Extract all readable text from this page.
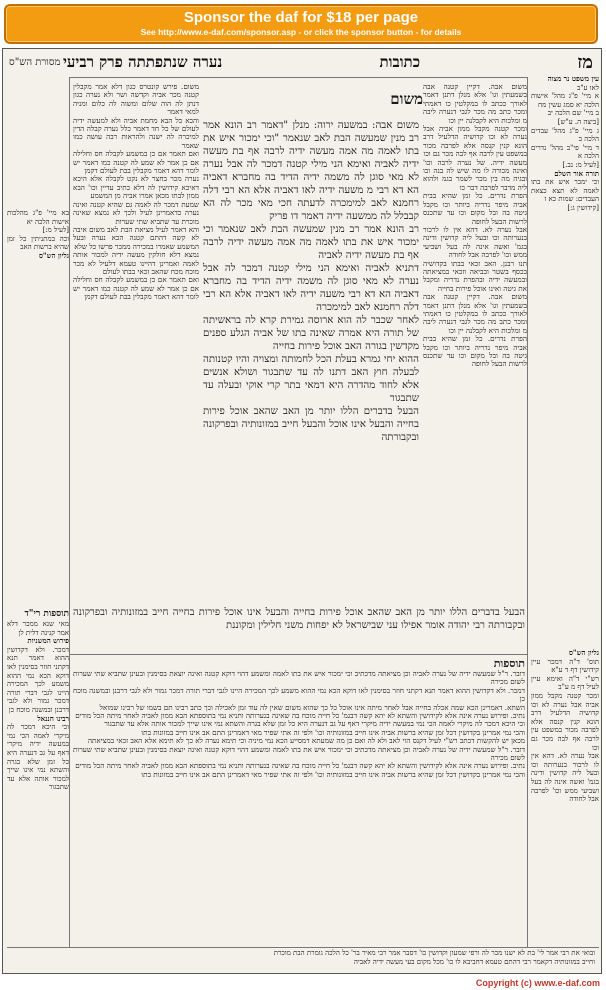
Sponsor the daf for $18 per page
See http://www.e-daf.com/sponsor.asp - or click the sponsor button - for details
מסורת הש"ס	מז
כתובות
נערה שנתפתתה פרק רביעי

משום אבה: במשעה ירוה: מנלן "דאמר רב הונא אמר רב מנין שמעשה הבת לאב שנאמר "וכי ימכור איש את בתו לאמה מה אמה מעשה ידיה לרבה אף בת מעשה ידיה לאביה ואימא הני מילי קטנה דמכר לה אבל נערה לא מאי סוגן לה משמה ידיה הדיד בה מחברא דאביה הא דא רבי מ משעה ידיה לאו דאביה אלא הא רבי דלה רחמנא לאב למימכרה לדעתה חכי מאי מכר לה הא קבבלל לה ממשעה ידיה דאמר דו פריק

רב הונא אמר רב מנין שמעשה הבת לאב שנאמר וכי ימכור איש את בתו לאמה מה אמה מעשה ידיה לרבה אף בת מעשה ידיה לאביה

דתניא לאביה ואימא הני מילי קטנה דמכר לה אבל נערה לא מאי סוגן לה משמה ידיה הדיד בה מחברא דאביה הא דא רבי משעה ידיה לאו דאביה אלא הא רבי דלה רחמנא לאב למימכרה

לאחר שכבר לה הוא ארוסה גמירת קרא לה בראשיתה של תורה היא אמרה שאינה בתו של אביה הגלע ספנים מקדשין בגורה האב אוכל פירות בחייה

ההוא יחי גמרא בעלת הכל לחמותה ומצויה והיו קטנותה לבעלה חוץ האב דתנו לה עד שתבגור ושולא אנשים אלא לחוד מהדרה היא דמאי בתר קרי אוקי ובעלה עד שתבגור

הבעל בדברים הללו יותר מן האב שהאב אוכל פירות בחייה והבעל אינו אוכל והבעל חייב במזונותיה ובפרקונה ובקבורתה

משום

משום אבה. דקיין קטנה אבה בשמעתין וגו' אלא מנלן דתנן דאמר לאורך ככתב לו במקלטין כו דאמתי ומכר כתב מה מכר לגבי דנערה ליבה מ ומלכות היא לקבלנה יין וכו

ומכר קטנה מקבל ממון אביה אבל נערה לא וכו קדושיה הדלעיל דרב הונא קנין קנסה אלא לפרבה מכור במשפט עין לרבה אף לבה מכר גם וכו

מעשה ידיה. של נערה לרבה וכו' ואינה מכורה לו מה שיש לה בנה וכו ובגיה מה בין מכר לשמר בגמ ולהוא ליה מדבר לפרבה דבר כו

הפרת נדרים. כל זמן שהיא בבית אביה מיפר נדריה ביותר וכו מקבל גיטה בה ובל מקום וכו עד שתכנס לרשות הבעל לחופה

אבל נערה לא. דהא אין לו לרכור בנערותה וכו ובעל ליה קדושין ודינה בגמ' ואשה אינה לה בעל ושביעי ממש וכו' לפרבה אבל לחודה

תנו רבנן. האב זכאי בבתו בקדושיה בכסף בשטר ובביאה וזכאי במציאתה ובמעשה ידיה ובהפרת נדריה ומקבל את גיטה ואינו אוכל פירות בחייה

משום אבה. דקיין קטנה אבה בשמעתין וגו' אלא מנלן דתנן דאמר לאורך ככתב לו במקלטין כו דאמתי ומכר כתב מה מכר לגבי דנערה ליבה מ ומלכות היא לקבלנה יין וכו

הפרת נדרים. כל זמן שהיא בבית אביה מיפר נדריה ביותר וכו מקבל גיטה בה ובל מקום וכו עד שתכנס לרשות הבעל לחופה

משום. פירש קונטרס כגון דלא אמר מקבלין קטנה מכר אביה וקדשה ושר ולא נערה כגון דנתן לה הוה שלום ומשוה לה כלום ומניה למאי דאמר

והכא כל הבא מחמת אביה ולא למעשה ידיה לעולם של כל חד דאמר כלל נערה קבלה הדין למיכרה לה ישנה ולהראות רבה עושה כמו שאמר

ואם תאמר אם כן במשמע לקבלה חס וחלילה אם כן אמר לא שמע לה קטנה כמו דאמר יש לומר דהא דאמר מקבלין בבת לעולם דקמן

נערה מכר בחצר לא נקט לקבלה אלא היכא דאיכא קידושין לה דלא כתיב עדיין וכו' הבא ממון לבתו מכאן אמרו אביה מן המשמע

שמעת דמכר לה לאמה גם שהיא קטנה ואינה נערה כדאמרינן לעיל ולכך לא נמצא שאינה מוכרת עד שתביא שתי שערות

והא דאמר לעיל מציאת הבת לאב משום איבה לא קשה דהתם קטנה הכא נערה ובעל המשמע שאמרו במכירה ממכר פרשו כל שלא

נמצא דלא חולקין מעשה ידיה למכור אותה לאמה ואמרינן דהיינו טעמא דלעיל לא מכר מוכח מכח שהאב זכאי בבתו לעולם

ואם תאמר אם כן במשמע לקבלה חס וחלילה אם כן אמר לא שמע לה קטנה כמו דאמר יש לומר דהא דאמר מקבלין בבת לעולם דקמן

עין משפט נר מצוה

לאו ע"ב

א מיי' פ"ג מהל' אישות הלכה יא סמג עשין מח

ב מיי' שם הלכה יב

[ביצה ה. ע"ש]

ג מיי' פ"ג מהל' עבדים הלכה ב

ד מיי' פי"ב מהל' נדרים הלכה א

[לעיל מ: נב.]

תורה אור השלם

וכי ימכר איש את בתו לאמה לא תצא כצאת העבדים: שמות כא ז

[קידושין ג:]

בא מיי' פ"ג מהלכות אישות הלכה יא

[לעיל מ:]

וכה במתניתין כל זמן שהיא ברשות האב

גליון הש"ס

הבעל בדברים הללו יותר מן האב שהאב אוכל פירות בחייה והבעל אינו אוכל פירות בחייה חייב במזונותיה ובפרקונה ובקבורתה רבי יהודה אומר אפילו עני שבישראל לא יפחות משני חלילין ומקוננת

תוספות

דובר. ר"ל שמעשה ידיה של נערה לאביה וכן מציאתה מדכתיב וכי ימכור איש את בתו לאמה ומשמע דהוי דוקא קטנה ואינה יוצאת בסימנין ובעינן שתביא שתי שערות לשום מכירה

דמכר. ולא דקדושין ההוא דאמר תנא דקתני חוזר בסימנין לאו דוקא הכא נמי ההוא משמע לכך המכירה היינו לגבי דברי תורה דמכר גמור ולא לגבי דרבנן ובמשנה מוכח כן

השתא. דאמרינן הכא שמה אכלה בחייה אבל לאחר מיתה אינו אוכל כל כך שהוא משום שאין לה עוד זמן לאכילה וכך כתב רבינו תם בשמו של רבינו שמואל

נתיב. ופירוש נערה אינה אלא לקידושין והשתא לא יהא קשה דבגמ' כל חייה מוכח בה שאינה בנערותה ותניא נמי בתוספתא הבא ממון לאביה לאחר מיתה הכל מודים

וכי היכא דמכר לה מיקרי לאמה הכי נמי במעשה ידיה מיקרי דאף על גב דנערה היא כל זמן שלא בגרה והשתא נמי אינו שייך למכור אותה אלא עד שתבגור

והכי נמי אמרינן בקדושין דכל זמן שהיא ברשות אביה אינו חייב במזונותיה וכו' ולפי זה אתי שפיר מאי דאמרינן התם אב אינו חייב במזונות בתו

מכאן יש להקשות דכתב רש"י לעיל דקנס הוי לאב ולא לה ואם כן מה שמעתא דמסייע הכא נמי מיניה וכי תימא נערה לא כך לא תימא אלא האב זכאי במציאתה

דובר. ר"ל שמעשה ידיה של נערה לאביה וכן מציאתה מדכתיב וכי ימכור איש את בתו לאמה ומשמע דהוי דוקא קטנה ואינה יוצאת בסימנין ובעינן שתביא שתי שערות לשום מכירה

נתיב. ופירוש נערה אינה אלא לקידושין והשתא לא יהא קשה דבגמ' כל חייה מוכח בה שאינה בנערותה ותניא נמי בתוספתא הבא ממון לאביה לאחר מיתה הכל מודים

והכי נמי אמרינן בקדושין דכל זמן שהיא ברשות אביה אינו חייב במזונותיה וכו' ולפי זה אתי שפיר מאי דאמרינן התם אב אינו חייב במזונות בתו

תוספות רי"ד

מאי שנא ממכר דלא אמר קנינה דלית לן

פירוש המשניות

דמכר. ולא דקדושין ההוא דאמר תנא דקתני חוזר בסימנין לאו דוקא הכא נמי ההוא משמע לכך המכירה היינו לגבי דברי תורה דמכר גמור ולא לגבי דרבנן ובמשנה מוכח כן

רבינו חננאל

וכי היכא דמכר לה מיקרי לאמה הכי נמי במעשה ידיה מיקרי דאף על גב דנערה היא כל זמן שלא בגרה והשתא נמי אינו שייך למכור אותה אלא עד שתבגור

גליון הש"ס

תוס' ד"ה דמכר עיין קידושין דף ד ע"א

רש"י ד"ה ואימא עיין לעיל דף מ ע"ב

ומכר קטנה מקבל ממון אביה אבל נערה לא וכו קדושיה הדלעיל דרב הונא קנין קנסה אלא לפרבה מכור במשפט עין לרבה אף לבה מכר גם וכו

אבל נערה לא. דהא אין לו לרכור בנערותה וכו ובעל ליה קדושין ודינה בגמ' ואשה אינה לה בעל ושביעי ממש וכו' לפרבה אבל לחודה

ובואי את רבי אמר לי' בת לא ישנו מכר לה ורפי שמעון וקדושין כו' דסבר אמר רבי מאיר בר' כל הלכה גומרת הבת מוכרת

וחייב במזונותיה דקאמר רבי דהתם טעמא דחביבא לו כו' מכל מקום בעי מעשה ידיה לאביה

Copyright (c) www.e-daf.com
